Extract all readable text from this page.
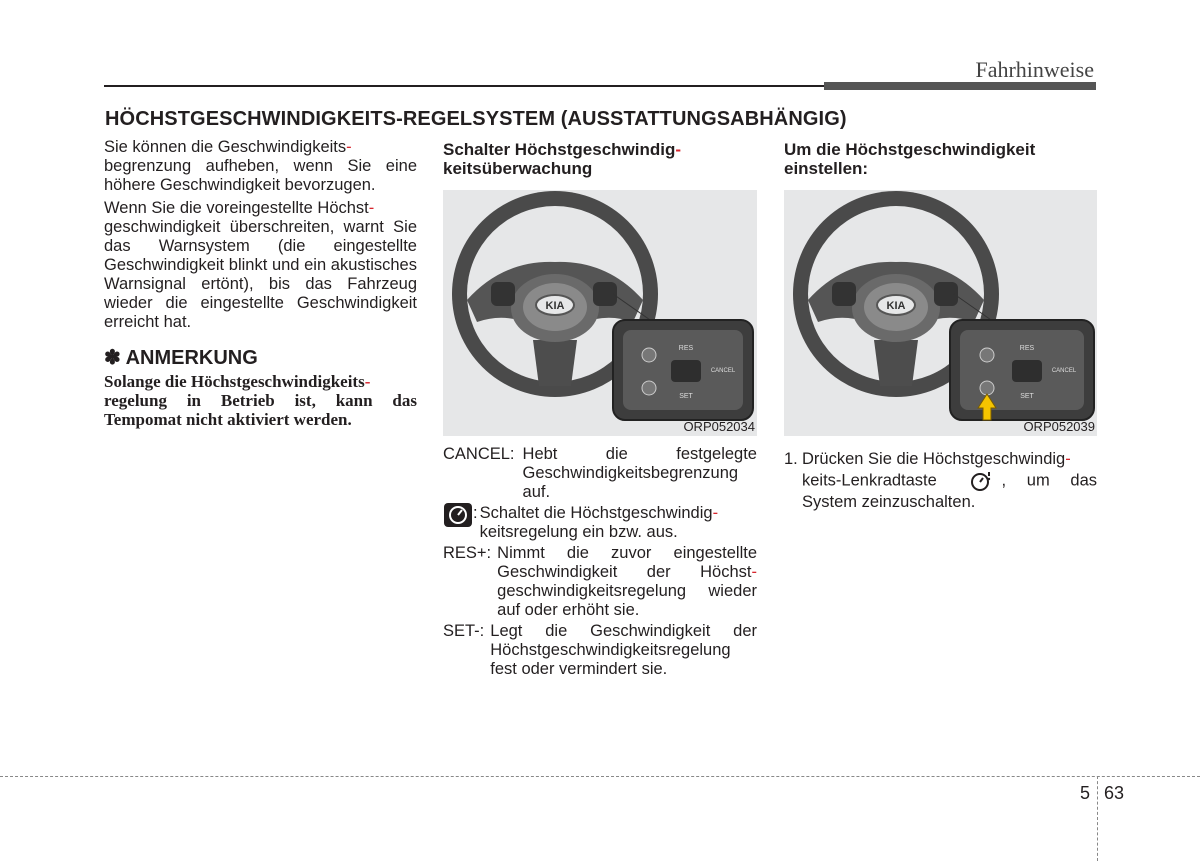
Fahrhinweise
HÖCHSTGESCHWINDIGKEITS-REGELSYSTEM (AUSSTATTUNGSABHÄNGIG)

Sie können die Geschwindigkeits-
begrenzung aufheben, wenn Sie eine höhere Geschwindigkeit bevorzugen.

Wenn Sie die voreingestellte Höchst-
geschwindigkeit überschreiten, warnt Sie das Warnsystem (die eingestellte Geschwindigkeit blinkt und ein akustisches Warnsignal ertönt), bis das Fahrzeug wieder die eingestellte Geschwindigkeit erreicht hat.

✽ ANMERKUNG
Solange die Höchstgeschwindigkeits-
regelung in Betrieb ist, kann das Tempomat nicht aktiviert werden.
Schalter Höchstgeschwindig-
keitsüberwachung
KIA
RES
SET
CANCEL
ORP052034
CANCEL: Hebt die festgelegte Geschwindigkeitsbegrenzung auf.
: Schaltet die Höchstgeschwindig-
keitsregelung ein bzw. aus.
RES+: Nimmt die zuvor eingestellte Geschwindigkeit der Höchst- geschwindigkeitsregelung wieder auf oder erhöht sie.
SET-: Legt die Geschwindigkeit der Höchstgeschwindigkeitsregelung fest oder vermindert sie.
Um die Höchstgeschwindigkeit einstellen:
KIA
RES
SET
CANCEL
ORP052039
1. Drücken Sie die Höchstgeschwindig-
keits-Lenkradtaste	, um das System zeinzuschalten.
5 63
